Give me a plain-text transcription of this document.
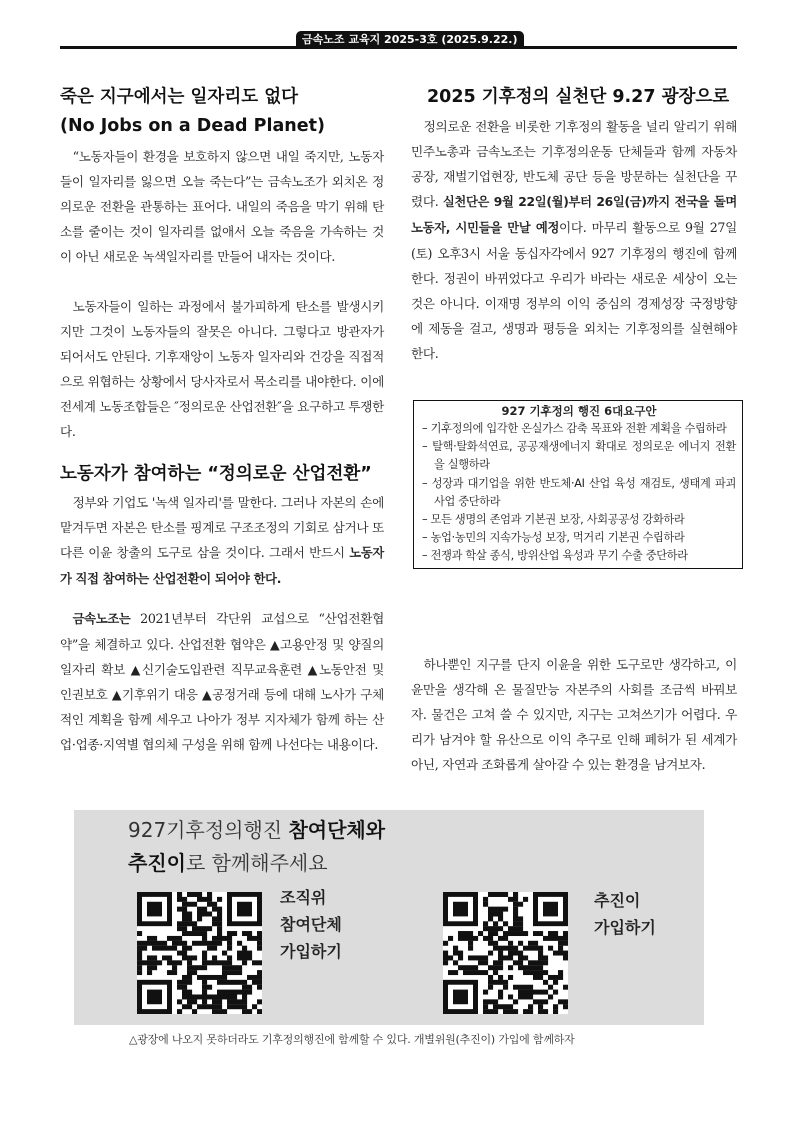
금속노조 교육지 2025-3호 (2025.9.22.)
죽은 지구에서는 일자리도 없다
(No Jobs on a Dead Planet)

“노동자들이 환경을 보호하지 않으면 내일 죽지만, 노동자들이 일자리를 잃으면 오늘 죽는다”는 금속노조가 외치온 정의로운 전환을 관통하는 표어다. 내일의 죽음을 막기 위해 탄소를 줄이는 것이 일자리를 없애서 오늘 죽음을 가속하는 것이 아닌 새로운 녹색일자리를 만들어 내자는 것이다.

노동자들이 일하는 과정에서 불가피하게 탄소를 발생시키지만 그것이 노동자들의 잘못은 아니다. 그렇다고 방관자가 되어서도 안된다. 기후재앙이 노동자 일자리와 건강을 직접적으로 위협하는 상황에서 당사자로서 목소리를 내야한다. 이에 전세계 노동조합들은 ″정의로운 산업전환″을 요구하고 투쟁한다.

노동자가 참여하는 “정의로운 산업전환”

정부와 기업도 '녹색 일자리'를 말한다. 그러나 자본의 손에 맡겨두면 자본은 탄소를 핑계로 구조조정의 기회로 삼거나 또 다른 이윤 창출의 도구로 삼을 것이다. 그래서 반드시 노동자가 직접 참여하는 산업전환이 되어야 한다.

금속노조는 2021년부터 각단위 교섭으로 “산업전환협약”을 체결하고 있다. 산업전환 협약은 ▲고용안정 및 양질의 일자리 확보 ▲신기술도입관련 직무교육훈련 ▲노동안전 및 인권보호 ▲기후위기 대응 ▲공정거래 등에 대해 노사가 구체적인 계획을 함께 세우고 나아가 정부 지자체가 함께 하는 산업·업종·지역별 협의체 구성을 위해 함께 나선다는 내용이다.

2025 기후정의 실천단 9.27 광장으로

정의로운 전환을 비롯한 기후정의 활동을 널리 알리기 위해 민주노총과 금속노조는 기후정의운동 단체들과 함께 자동차공장, 재벌기업현장, 반도체 공단 등을 방문하는 실천단을 꾸렸다. 실천단은 9월 22일(월)부터 26일(금)까지 전국을 돌며 노동자, 시민들을 만날 예정이다. 마무리 활동으로 9월 27일(토) 오후3시 서울 동십자각에서 927 기후정의 행진에 함께한다. 정권이 바뀌었다고 우리가 바라는 새로운 세상이 오는 것은 아니다. 이재명 정부의 이익 중심의 경제성장 국정방향에 제동을 걸고, 생명과 평등을 외치는 기후정의를 실현해야 한다.

하나뿐인 지구를 단지 이윤을 위한 도구로만 생각하고, 이윤만을 생각해 온 물질만능 자본주의 사회를 조금씩 바꿔보자. 물건은 고쳐 쓸 수 있지만, 지구는 고쳐쓰기가 어렵다. 우리가 남겨야 할 유산으로 이익 추구로 인해 폐허가 된 세계가 아닌, 자연과 조화롭게 살아갈 수 있는 환경을 남겨보자.

927 기후정의 행진 6대요구안

– 기후정의에 입각한 온실가스 감축 목표와 전환 계획을 수립하라
– 탈핵·탈화석연료, 공공재생에너지 확대로 정의로운 에너지 전환을 실행하라
– 성장과 대기업을 위한 반도체·AI 산업 육성 재검토, 생태계 파괴 사업 중단하라
– 모든 생명의 존엄과 기본권 보장, 사회공공성 강화하라
– 농업·농민의 지속가능성 보장, 먹거리 기본권 수립하라
– 전쟁과 학살 종식, 방위산업 육성과 무기 수출 중단하라
927기후정의행진 참여단체와
추진이로 함께해주세요
조직위
참여단체
가입하기
추진이
가입하기
△광장에 나오지 못하더라도 기후정의행진에 함께할 수 있다. 개별위원(추진이) 가입에 함께하자
